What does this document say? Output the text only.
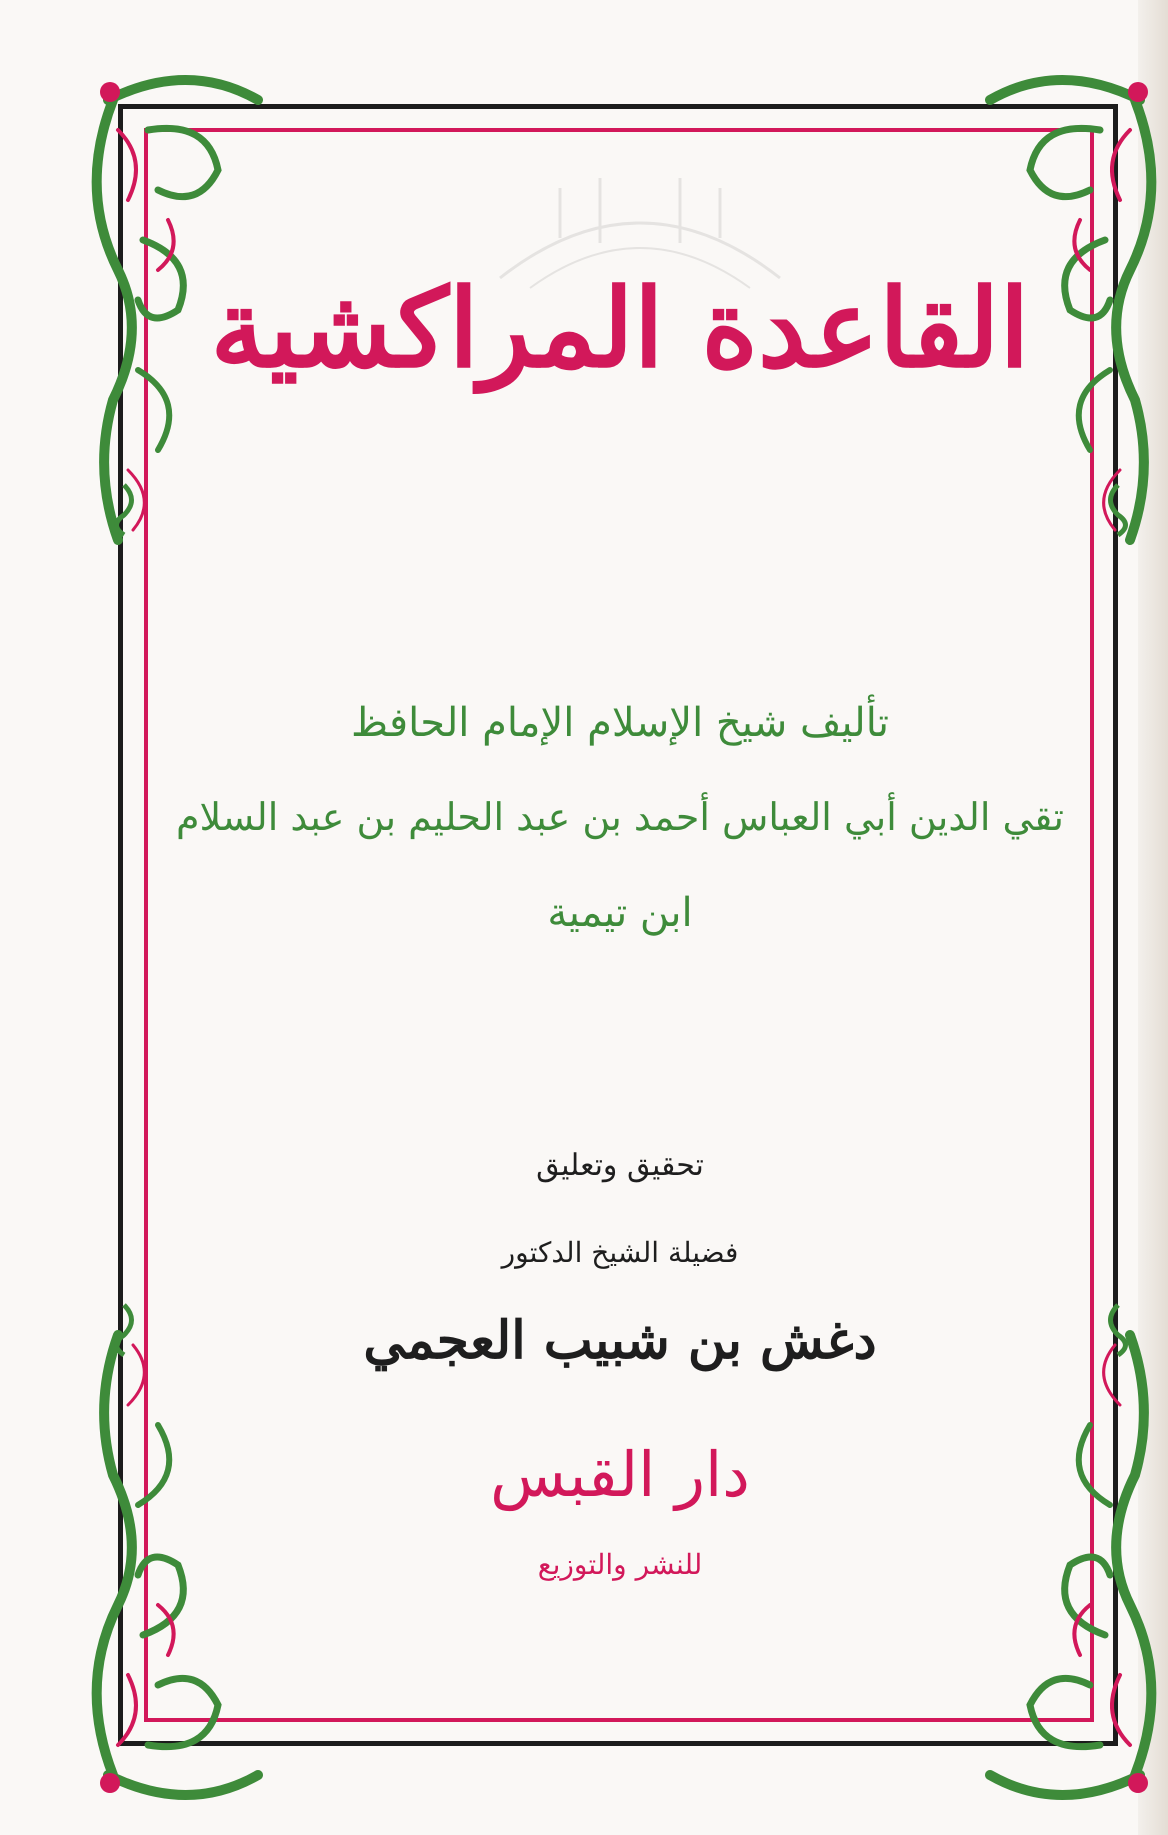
القاعدة المراكشية
تأليف شيخ الإسلام الإمام الحافظ
تقي الدين أبي العباس أحمد بن عبد الحليم بن عبد السلام
ابن تيمية
تحقيق وتعليق
فضيلة الشيخ الدكتور
دغش بن شبيب العجمي
دار القبس
للنشر والتوزيع
